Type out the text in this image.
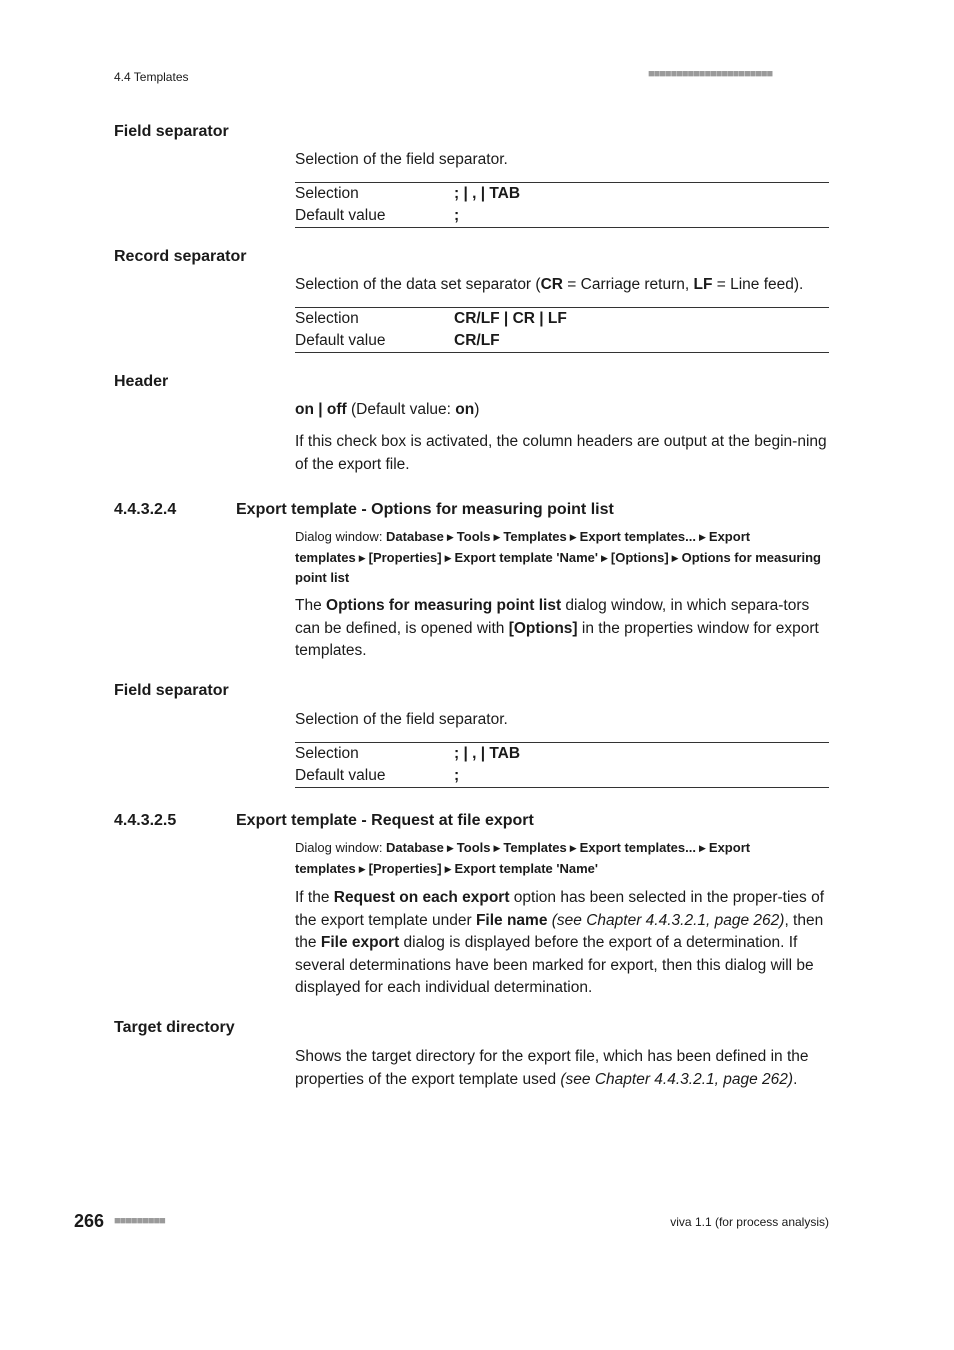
4.4 Templates	■■■■■■■■■■■■■■■■■■■■■■
Field separator
Selection of the field separator.
Selection	; | , | TAB
Default value	;
Record separator
Selection of the data set separator (CR = Carriage return, LF = Line feed).
Selection	CR/LF | CR | LF
Default value	CR/LF
Header
on | off (Default value: on)
If this check box is activated, the column headers are output at the begin-ning of the export file.
4.4.3.2.4	Export template - Options for measuring point list
Dialog window: Database ▶ Tools ▶ Templates ▶ Export templates... ▶ Export templates ▶ [Properties] ▶ Export template 'Name' ▶ [Options] ▶ Options for measuring point list
The Options for measuring point list dialog window, in which separa-tors can be defined, is opened with [Options] in the properties window for export templates.
Field separator
Selection of the field separator.
Selection	; | , | TAB
Default value	;
4.4.3.2.5	Export template - Request at file export
Dialog window: Database ▶ Tools ▶ Templates ▶ Export templates... ▶ Export templates ▶ [Properties] ▶ Export template 'Name'
If the Request on each export option has been selected in the proper-ties of the export template under File name (see Chapter 4.4.3.2.1, page 262), then the File export dialog is displayed before the export of a determination. If several determinations have been marked for export, then this dialog will be displayed for each individual determination.
Target directory
Shows the target directory for the export file, which has been defined in the properties of the export template used (see Chapter 4.4.3.2.1, page 262).
266 ■■■■■■■■■	viva 1.1 (for process analysis)
